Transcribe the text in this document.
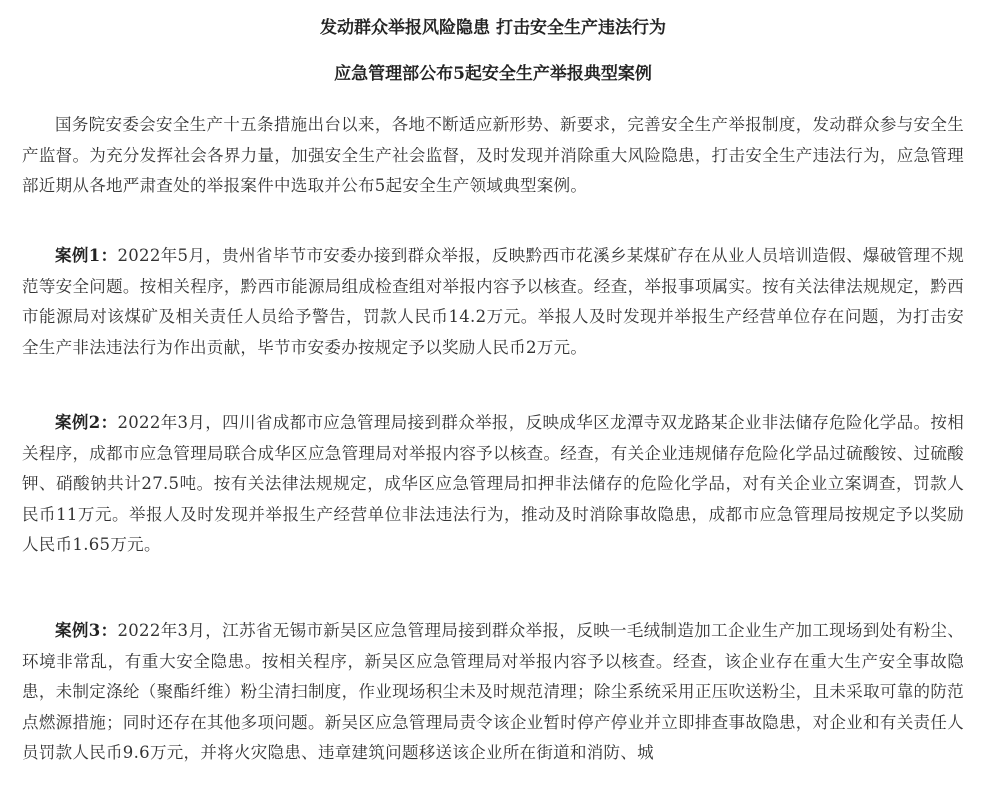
发动群众举报风险隐患 打击安全生产违法行为
应急管理部公布5起安全生产举报典型案例

国务院安委会安全生产十五条措施出台以来，各地不断适应新形势、新要求，完善安全生产举报制度，发动群众参与安全生产监督。为充分发挥社会各界力量，加强安全生产社会监督，及时发现并消除重大风险隐患，打击安全生产违法行为，应急管理部近期从各地严肃查处的举报案件中选取并公布5起安全生产领域典型案例。

案例1：2022年5月，贵州省毕节市安委办接到群众举报，反映黔西市花溪乡某煤矿存在从业人员培训造假、爆破管理不规范等安全问题。按相关程序，黔西市能源局组成检查组对举报内容予以核查。经查，举报事项属实。按有关法律法规规定，黔西市能源局对该煤矿及相关责任人员给予警告，罚款人民币14.2万元。举报人及时发现并举报生产经营单位存在问题，为打击安全生产非法违法行为作出贡献，毕节市安委办按规定予以奖励人民币2万元。

案例2：2022年3月，四川省成都市应急管理局接到群众举报，反映成华区龙潭寺双龙路某企业非法储存危险化学品。按相关程序，成都市应急管理局联合成华区应急管理局对举报内容予以核查。经查，有关企业违规储存危险化学品过硫酸铵、过硫酸钾、硝酸钠共计27.5吨。按有关法律法规规定，成华区应急管理局扣押非法储存的危险化学品，对有关企业立案调查，罚款人民币11万元。举报人及时发现并举报生产经营单位非法违法行为，推动及时消除事故隐患，成都市应急管理局按规定予以奖励人民币1.65万元。

案例3：2022年3月，江苏省无锡市新吴区应急管理局接到群众举报，反映一毛绒制造加工企业生产加工现场到处有粉尘、环境非常乱，有重大安全隐患。按相关程序，新吴区应急管理局对举报内容予以核查。经查，该企业存在重大生产安全事故隐患，未制定涤纶（聚酯纤维）粉尘清扫制度，作业现场积尘未及时规范清理；除尘系统采用正压吹送粉尘，且未采取可靠的防范点燃源措施；同时还存在其他多项问题。新吴区应急管理局责令该企业暂时停产停业并立即排查事故隐患，对企业和有关责任人员罚款人民币9.6万元，并将火灾隐患、违章建筑问题移送该企业所在街道和消防、城
